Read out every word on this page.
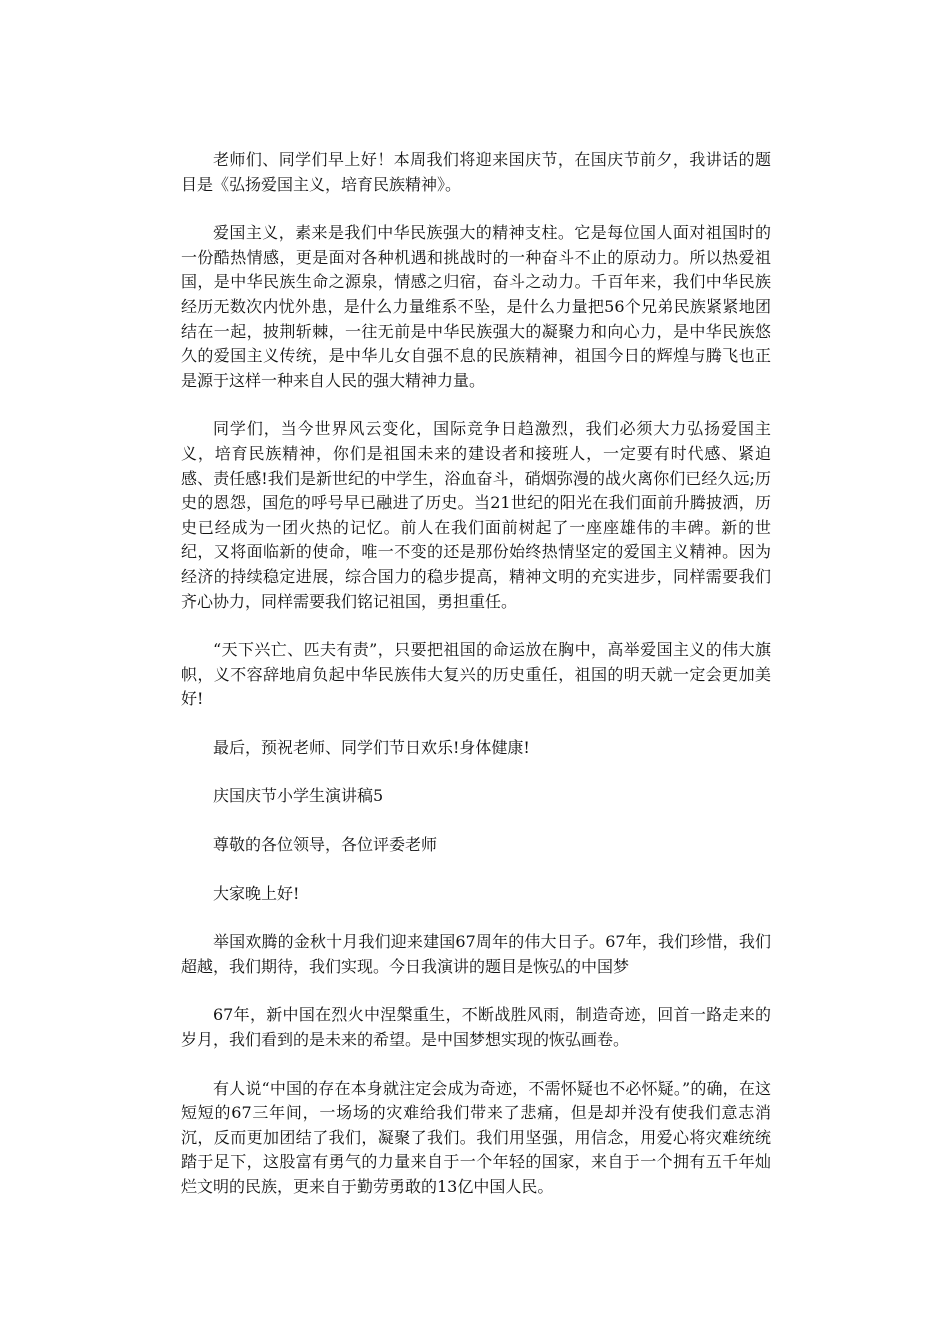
老师们、同学们早上好！本周我们将迎来国庆节，在国庆节前夕，我讲话的题目是《弘扬爱国主义，培育民族精神》。

爱国主义，素来是我们中华民族强大的精神支柱。它是每位国人面对祖国时的一份酷热情感，更是面对各种机遇和挑战时的一种奋斗不止的原动力。所以热爱祖国，是中华民族生命之源泉，情感之归宿，奋斗之动力。千百年来，我们中华民族经历无数次内忧外患，是什么力量维系不坠，是什么力量把56个兄弟民族紧紧地团结在一起，披荆斩棘，一往无前是中华民族强大的凝聚力和向心力，是中华民族悠久的爱国主义传统，是中华儿女自强不息的民族精神，祖国今日的辉煌与腾飞也正是源于这样一种来自人民的强大精神力量。

同学们，当今世界风云变化，国际竞争日趋激烈，我们必须大力弘扬爱国主义，培育民族精神，你们是祖国未来的建设者和接班人，一定要有时代感、紧迫感、责任感!我们是新世纪的中学生，浴血奋斗，硝烟弥漫的战火离你们已经久远;历史的恩怨，国危的呼号早已融进了历史。当21世纪的阳光在我们面前升腾披洒，历史已经成为一团火热的记忆。前人在我们面前树起了一座座雄伟的丰碑。新的世纪，又将面临新的使命，唯一不变的还是那份始终热情坚定的爱国主义精神。因为经济的持续稳定进展，综合国力的稳步提高，精神文明的充实进步，同样需要我们齐心协力，同样需要我们铭记祖国，勇担重任。

“天下兴亡、匹夫有责”，只要把祖国的命运放在胸中，高举爱国主义的伟大旗帜，义不容辞地肩负起中华民族伟大复兴的历史重任，祖国的明天就一定会更加美好!

最后，预祝老师、同学们节日欢乐!身体健康!

庆国庆节小学生演讲稿5

尊敬的各位领导，各位评委老师

大家晚上好!

举国欢腾的金秋十月我们迎来建国67周年的伟大日子。67年，我们珍惜，我们超越，我们期待，我们实现。今日我演讲的题目是恢弘的中国梦

67年，新中国在烈火中涅槃重生，不断战胜风雨，制造奇迹，回首一路走来的岁月，我们看到的是未来的希望。是中国梦想实现的恢弘画卷。

有人说“中国的存在本身就注定会成为奇迹，不需怀疑也不必怀疑。”的确，在这短短的67三年间，一场场的灾难给我们带来了悲痛，但是却并没有使我们意志消沉，反而更加团结了我们，凝聚了我们。我们用坚强，用信念，用爱心将灾难统统踏于足下，这股富有勇气的力量来自于一个年轻的国家，来自于一个拥有五千年灿烂文明的民族，更来自于勤劳勇敢的13亿中国人民。
